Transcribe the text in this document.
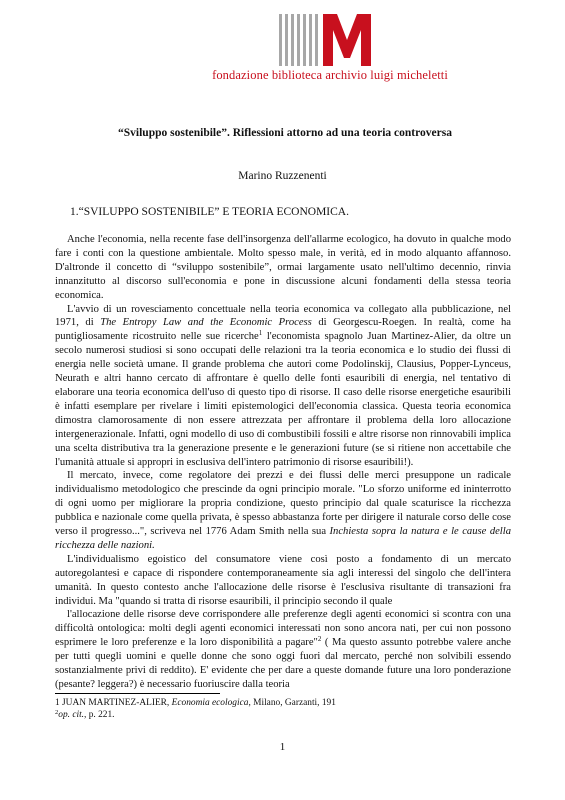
fondazione biblioteca archivio luigi micheletti
“Sviluppo sostenibile”. Riflessioni attorno ad una teoria controversa
Marino Ruzzenenti
1.“SVILUPPO SOSTENIBILE” E TEORIA ECONOMICA.

Anche l'economia, nella recente fase dell'insorgenza dell'allarme ecologico, ha dovuto in qualche modo fare i conti con la questione ambientale. Molto spesso male, in verità, ed in modo alquanto affannoso. D'altronde il concetto di “sviluppo sostenibile”, ormai largamente usato nell'ultimo decennio, rinvia innanzitutto al discorso sull'economia e pone in discussione alcuni fondamenti della stessa teoria economica.

L'avvio di un rovesciamento concettuale nella teoria economica va collegato alla pubblicazione, nel 1971, di The Entropy Law and the Economic Process di Georgescu-Roegen. In realtà, come ha puntigliosamente ricostruito nelle sue ricerche$^1$ l'economista spagnolo Juan Martinez-Alier, da oltre un secolo numerosi studiosi si sono occupati delle relazioni tra la teoria economica e lo studio dei flussi di energia nelle società umane. Il grande problema che autori come Podolinskij, Clausius, Popper-Lynceus, Neurath e altri hanno cercato di affrontare è quello delle fonti esauribili di energia, nel tentativo di elaborare una teoria economica dell'uso di questo tipo di risorse. Il caso delle risorse energetiche esauribili è infatti esemplare per rivelare i limiti epistemologici dell'economia classica. Questa teoria economica dimostra clamorosamente di non essere attrezzata per affrontare il problema della loro allocazione intergenerazionale. Infatti, ogni modello di uso di combustibili fossili e altre risorse non rinnovabili implica una scelta distributiva tra la generazione presente e le generazioni future (se si ritiene non accettabile che l'umanità attuale si appropri in esclusiva dell'intero patrimonio di risorse esauribili!).

Il mercato, invece, come regolatore dei prezzi e dei flussi delle merci presuppone un radicale individualismo metodologico che prescinde da ogni principio morale. "Lo sforzo uniforme ed ininterrotto di ogni uomo per migliorare la propria condizione, questo principio dal quale scaturisce la ricchezza pubblica e nazionale come quella privata, è spesso abbastanza forte per dirigere il naturale corso delle cose verso il progresso...", scriveva nel 1776 Adam Smith nella sua Inchiesta sopra la natura e le cause della ricchezza delle nazioni.

L'individualismo egoistico del consumatore viene così posto a fondamento di un mercato autoregolantesi e capace di rispondere contemporaneamente sia agli interessi del singolo che dell'intera umanità. In questo contesto anche l'allocazione delle risorse è l'esclusiva risultante di transazioni fra individui. Ma "quando si tratta di risorse esauribili, il principio secondo il quale

l'allocazione delle risorse deve corrispondere alle preferenze degli agenti economici si scontra con una difficoltà ontologica: molti degli agenti economici interessati non sono ancora nati, per cui non possono esprimere le loro preferenze e la loro disponibilità a pagare"$^2$ ( Ma questo assunto potrebbe valere anche per tutti quegli uomini e quelle donne che sono oggi fuori dal mercato, perché non solvibili essendo sostanzialmente privi di reddito). E' evidente che per dare a queste domande future una loro ponderazione (pesante? leggera?) è necessario fuoriuscire dalla teoria

1 JUAN MARTINEZ-ALIER, Economia ecologica, Milano, Garzanti, 191
$^2$op. cit., p. 221.
1
